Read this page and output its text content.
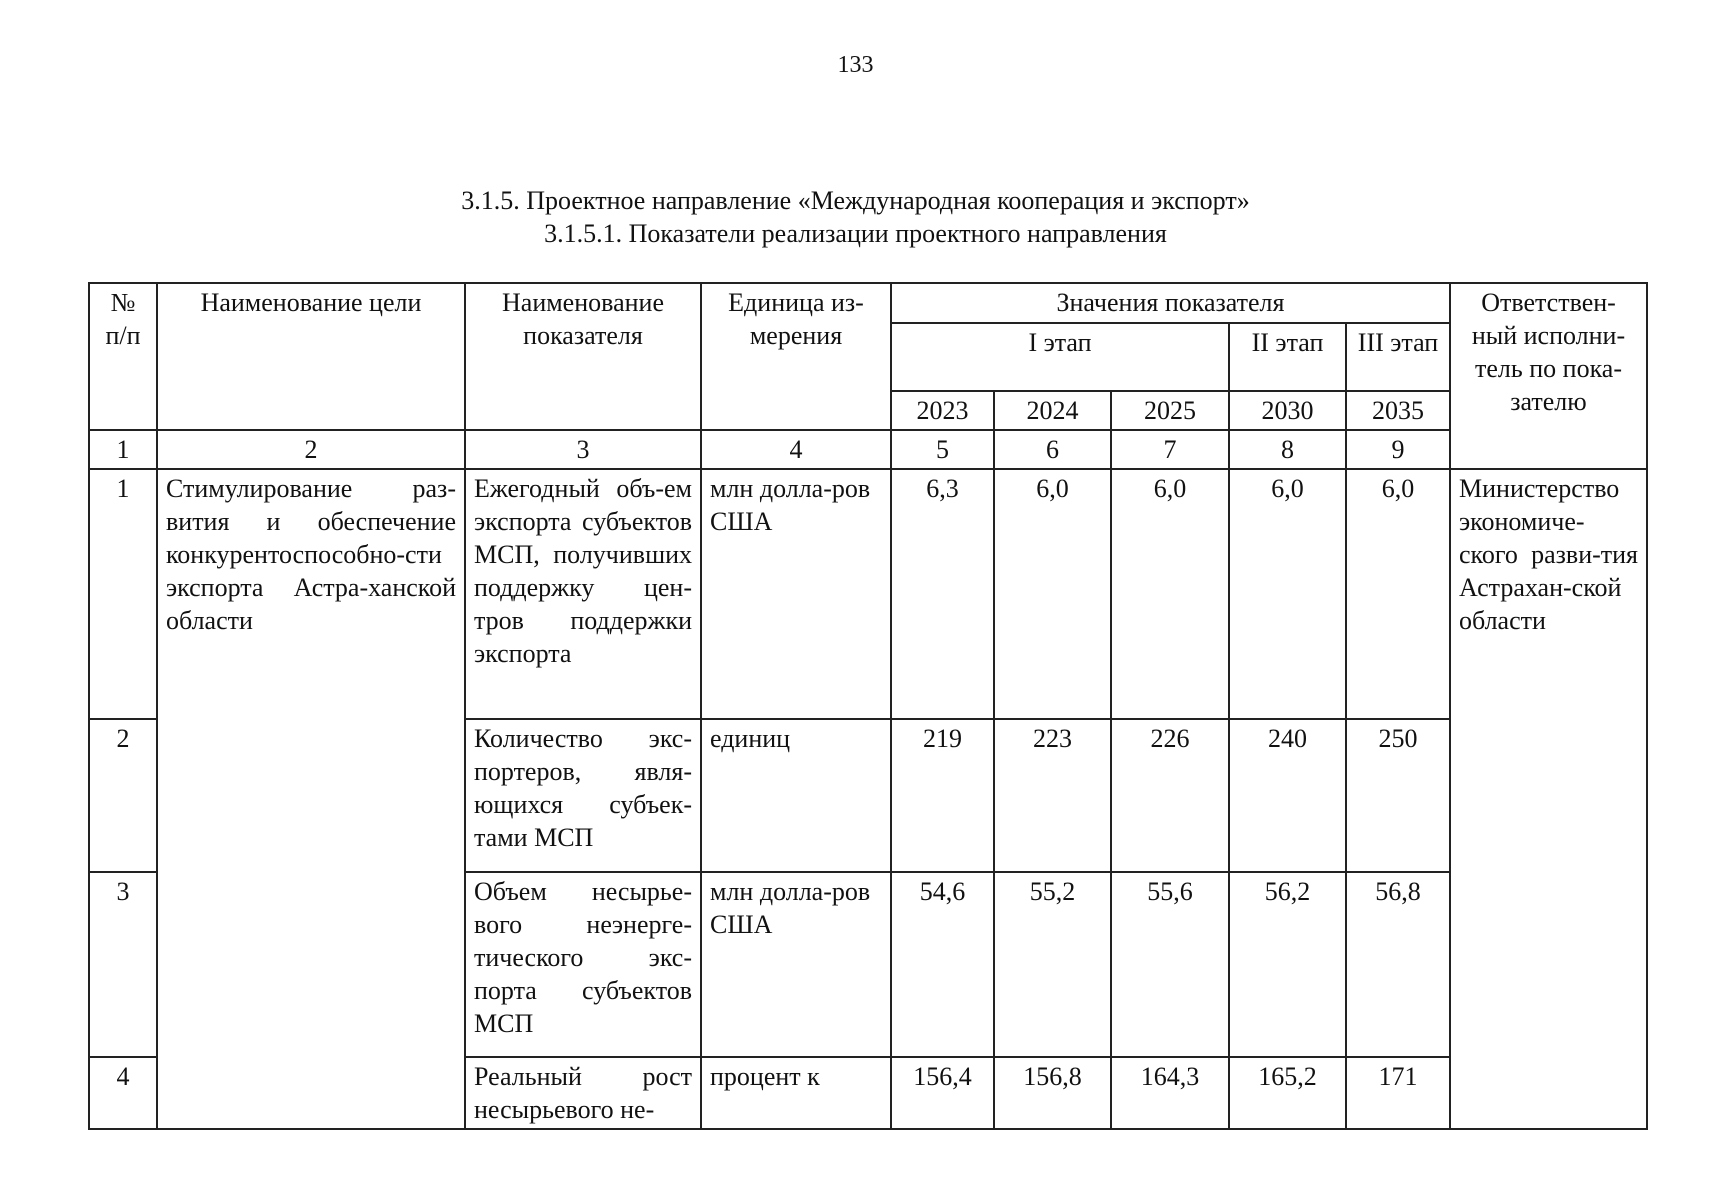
133
3.1.5. Проектное направление «Международная кооперация и экспорт»
3.1.5.1. Показатели реализации проектного направления
№ п/п	Наименование цели	Наименование показателя	Единица из-мерения	Значения показателя					Ответствен-ный исполни-тель по пока-зателю
				I этап			II этап	III этап	
				2023	2024	2025	2030	2035	
1	2	3	4	5	6	7	8	9	
1	Стимулирование раз-вития и обеспечение конкурентоспособно-сти экспорта Астра-ханской области	Ежегодный объ-ем экспорта субъектов МСП, получивших поддержку цен-тров поддержки экспорта	млн долла-ров США	6,3	6,0	6,0	6,0	6,0	Министерство экономиче-ского разви-тия Астрахан-ской области
2		Количество экс-портеров, явля-ющихся субъек-тами МСП	единиц	219	223	226	240	250	
3		Объем несырье-вого неэнерге-тического экс-порта субъектов МСП	млн долла-ров США	54,6	55,2	55,6	56,2	56,8	
4		Реальный рост несырьевого не-	процент к	156,4	156,8	164,3	165,2	171	
